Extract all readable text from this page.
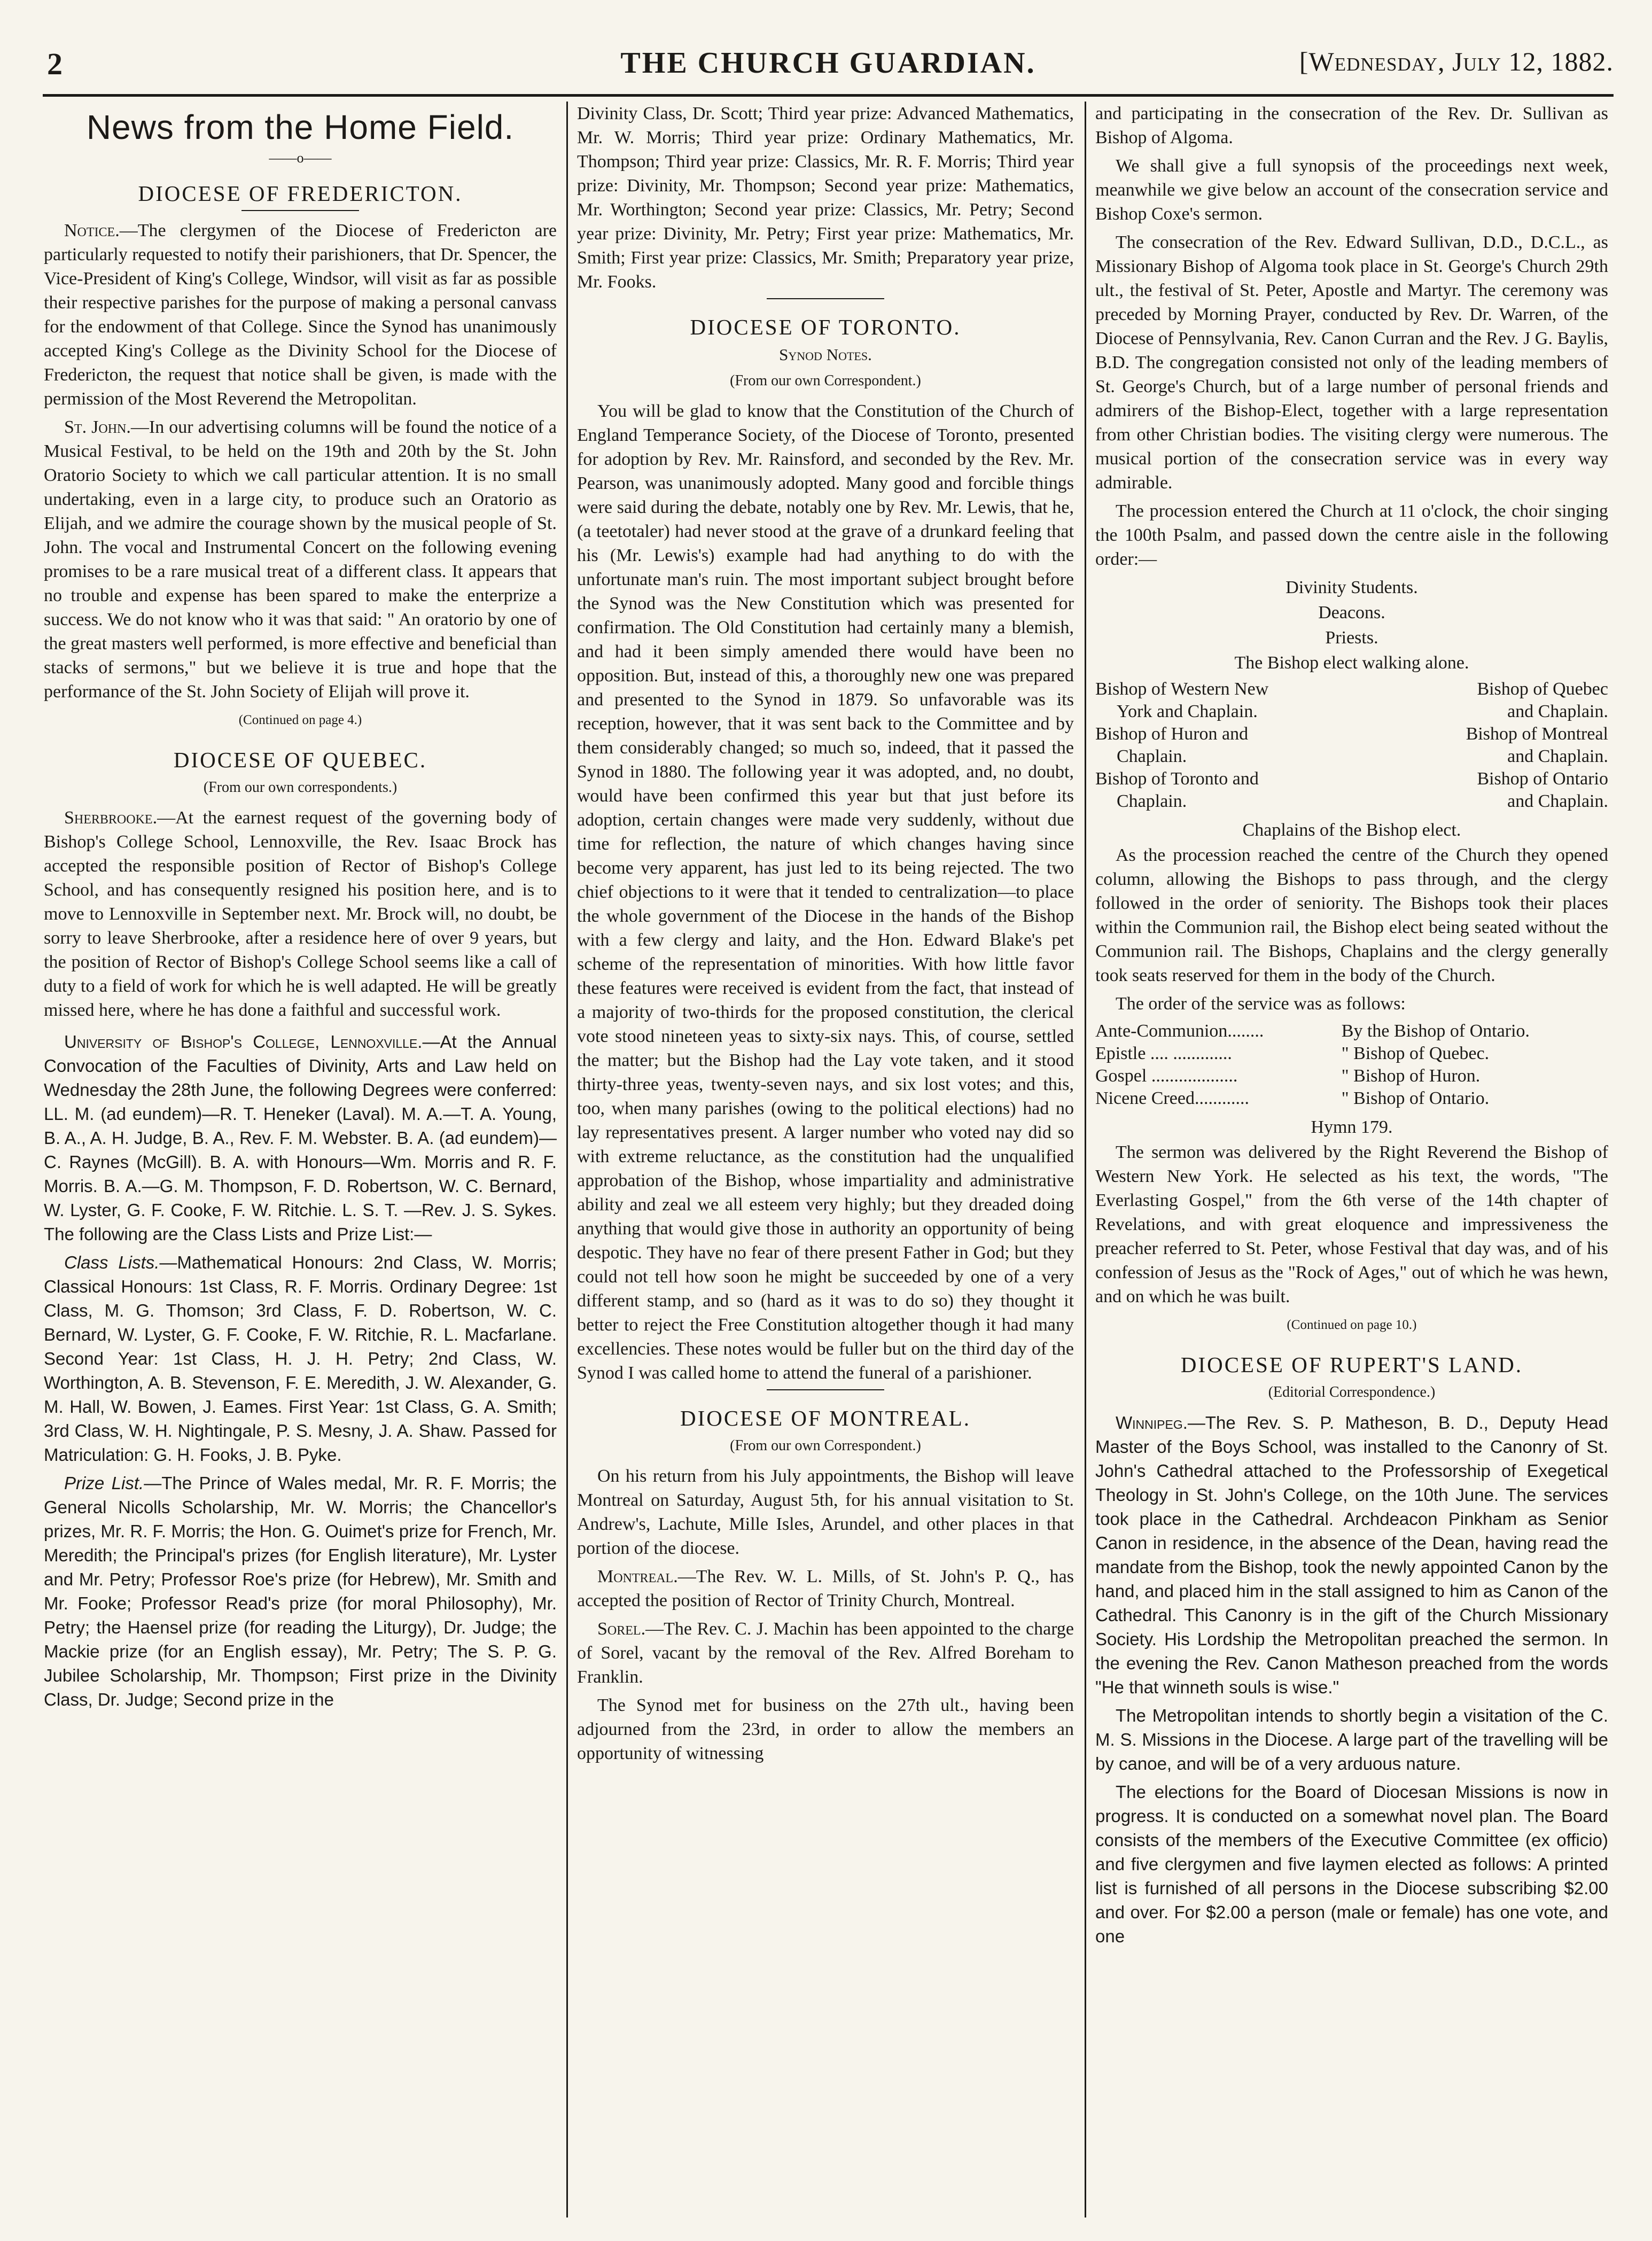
2	THE CHURCH GUARDIAN.	[Wednesday, July 12, 1882.
News from the Home Field.
——o——
DIOCESE OF FREDERICTON.

Notice.—The clergymen of the Diocese of Fredericton are particularly requested to notify their parishioners, that Dr. Spencer, the Vice-President of King's College, Windsor, will visit as far as possible their respective parishes for the purpose of making a personal canvass for the endowment of that College. Since the Synod has unanimously accepted King's College as the Divinity School for the Diocese of Fredericton, the request that notice shall be given, is made with the permission of the Most Reverend the Metropolitan.

St. John.—In our advertising columns will be found the notice of a Musical Festival, to be held on the 19th and 20th by the St. John Oratorio Society to which we call particular attention. It is no small undertaking, even in a large city, to produce such an Oratorio as Elijah, and we admire the courage shown by the musical people of St. John. The vocal and Instrumental Concert on the following evening promises to be a rare musical treat of a different class. It appears that no trouble and expense has been spared to make the enterprize a success. We do not know who it was that said: " An oratorio by one of the great masters well performed, is more effective and beneficial than stacks of sermons," but we believe it is true and hope that the performance of the St. John Society of Elijah will prove it.

(Continued on page 4.)
DIOCESE OF QUEBEC.
(From our own correspondents.)

Sherbrooke.—At the earnest request of the governing body of Bishop's College School, Lennoxville, the Rev. Isaac Brock has accepted the responsible position of Rector of Bishop's College School, and has consequently resigned his position here, and is to move to Lennoxville in September next. Mr. Brock will, no doubt, be sorry to leave Sherbrooke, after a residence here of over 9 years, but the position of Rector of Bishop's College School seems like a call of duty to a field of work for which he is well adapted. He will be greatly missed here, where he has done a faithful and successful work.

University of Bishop's College, Lennoxville.—At the Annual Convocation of the Faculties of Divinity, Arts and Law held on Wednesday the 28th June, the following Degrees were conferred: LL. M. (ad eundem)—R. T. Heneker (Laval). M. A.—T. A. Young, B. A., A. H. Judge, B. A., Rev. F. M. Webster. B. A. (ad eundem)—C. Raynes (McGill). B. A. with Honours—Wm. Morris and R. F. Morris. B. A.—G. M. Thompson, F. D. Robertson, W. C. Bernard, W. Lyster, G. F. Cooke, F. W. Ritchie. L. S. T. —Rev. J. S. Sykes. The following are the Class Lists and Prize List:—

Class Lists.—Mathematical Honours: 2nd Class, W. Morris; Classical Honours: 1st Class, R. F. Morris. Ordinary Degree: 1st Class, M. G. Thomson; 3rd Class, F. D. Robertson, W. C. Bernard, W. Lyster, G. F. Cooke, F. W. Ritchie, R. L. Macfarlane. Second Year: 1st Class, H. J. H. Petry; 2nd Class, W. Worthington, A. B. Stevenson, F. E. Meredith, J. W. Alexander, G. M. Hall, W. Bowen, J. Eames. First Year: 1st Class, G. A. Smith; 3rd Class, W. H. Nightingale, P. S. Mesny, J. A. Shaw. Passed for Matriculation: G. H. Fooks, J. B. Pyke.

Prize List.—The Prince of Wales medal, Mr. R. F. Morris; the General Nicolls Scholarship, Mr. W. Morris; the Chancellor's prizes, Mr. R. F. Morris; the Hon. G. Ouimet's prize for French, Mr. Meredith; the Principal's prizes (for English literature), Mr. Lyster and Mr. Petry; Professor Roe's prize (for Hebrew), Mr. Smith and Mr. Fooke; Professor Read's prize (for moral Philosophy), Mr. Petry; the Haensel prize (for reading the Liturgy), Dr. Judge; the Mackie prize (for an English essay), Mr. Petry; The S. P. G. Jubilee Scholarship, Mr. Thompson; First prize in the Divinity Class, Dr. Judge; Second prize in the

Divinity Class, Dr. Scott; Third year prize: Advanced Mathematics, Mr. W. Morris; Third year prize: Ordinary Mathematics, Mr. Thompson; Third year prize: Classics, Mr. R. F. Morris; Third year prize: Divinity, Mr. Thompson; Second year prize: Mathematics, Mr. Worthington; Second year prize: Classics, Mr. Petry; Second year prize: Divinity, Mr. Petry; First year prize: Mathematics, Mr. Smith; First year prize: Classics, Mr. Smith; Preparatory year prize, Mr. Fooks.

DIOCESE OF TORONTO.
Synod Notes.
(From our own Correspondent.)

You will be glad to know that the Constitution of the Church of England Temperance Society, of the Diocese of Toronto, presented for adoption by Rev. Mr. Rainsford, and seconded by the Rev. Mr. Pearson, was unanimously adopted. Many good and forcible things were said during the debate, notably one by Rev. Mr. Lewis, that he, (a teetotaler) had never stood at the grave of a drunkard feeling that his (Mr. Lewis's) example had had anything to do with the unfortunate man's ruin. The most important subject brought before the Synod was the New Constitution which was presented for confirmation. The Old Constitution had certainly many a blemish, and had it been simply amended there would have been no opposition. But, instead of this, a thoroughly new one was prepared and presented to the Synod in 1879. So unfavorable was its reception, however, that it was sent back to the Committee and by them considerably changed; so much so, indeed, that it passed the Synod in 1880. The following year it was adopted, and, no doubt, would have been confirmed this year but that just before its adoption, certain changes were made very suddenly, without due time for reflection, the nature of which changes having since become very apparent, has just led to its being rejected. The two chief objections to it were that it tended to centralization—to place the whole government of the Diocese in the hands of the Bishop with a few clergy and laity, and the Hon. Edward Blake's pet scheme of the representation of minorities. With how little favor these features were received is evident from the fact, that instead of a majority of two-thirds for the proposed constitution, the clerical vote stood nineteen yeas to sixty-six nays. This, of course, settled the matter; but the Bishop had the Lay vote taken, and it stood thirty-three yeas, twenty-seven nays, and six lost votes; and this, too, when many parishes (owing to the political elections) had no lay representatives present. A larger number who voted nay did so with extreme reluctance, as the constitution had the unqualified approbation of the Bishop, whose impartiality and administrative ability and zeal we all esteem very highly; but they dreaded doing anything that would give those in authority an opportunity of being despotic. They have no fear of there present Father in God; but they could not tell how soon he might be succeeded by one of a very different stamp, and so (hard as it was to do so) they thought it better to reject the Free Constitution altogether though it had many excellencies. These notes would be fuller but on the third day of the Synod I was called home to attend the funeral of a parishioner.

DIOCESE OF MONTREAL.
(From our own Correspondent.)

On his return from his July appointments, the Bishop will leave Montreal on Saturday, August 5th, for his annual visitation to St. Andrew's, Lachute, Mille Isles, Arundel, and other places in that portion of the diocese.

Montreal.—The Rev. W. L. Mills, of St. John's P. Q., has accepted the position of Rector of Trinity Church, Montreal.

Sorel.—The Rev. C. J. Machin has been appointed to the charge of Sorel, vacant by the removal of the Rev. Alfred Boreham to Franklin.

The Synod met for business on the 27th ult., having been adjourned from the 23rd, in order to allow the members an opportunity of witnessing

and participating in the consecration of the Rev. Dr. Sullivan as Bishop of Algoma.

We shall give a full synopsis of the proceedings next week, meanwhile we give below an account of the consecration service and Bishop Coxe's sermon.

The consecration of the Rev. Edward Sullivan, D.D., D.C.L., as Missionary Bishop of Algoma took place in St. George's Church 29th ult., the festival of St. Peter, Apostle and Martyr. The ceremony was preceded by Morning Prayer, conducted by Rev. Dr. Warren, of the Diocese of Pennsylvania, Rev. Canon Curran and the Rev. J G. Baylis, B.D. The congregation consisted not only of the leading members of St. George's Church, but of a large number of personal friends and admirers of the Bishop-Elect, together with a large representation from other Christian bodies. The visiting clergy were numerous. The musical portion of the consecration service was in every way admirable.

The procession entered the Church at 11 o'clock, the choir singing the 100th Psalm, and passed down the centre aisle in the following order:—

Divinity Students.

Deacons.

Priests.

The Bishop elect walking alone.

Bishop of Western New	Bishop of Quebec
York and Chaplain.	and Chaplain.
Bishop of Huron and	Bishop of Montreal
Chaplain.	and Chaplain.
Bishop of Toronto and	Bishop of Ontario
Chaplain.	and Chaplain.

Chaplains of the Bishop elect.

As the procession reached the centre of the Church they opened column, allowing the Bishops to pass through, and the clergy followed in the order of seniority. The Bishops took their places within the Communion rail, the Bishop elect being seated without the Communion rail. The Bishops, Chaplains and the clergy generally took seats reserved for them in the body of the Church.

The order of the service was as follows:

Ante-Communion........	By the Bishop of Ontario.
Epistle .... .............	" Bishop of Quebec.
Gospel ...................	" Bishop of Huron.
Nicene Creed............	" Bishop of Ontario.

Hymn 179.

The sermon was delivered by the Right Reverend the Bishop of Western New York. He selected as his text, the words, "The Everlasting Gospel," from the 6th verse of the 14th chapter of Revelations, and with great eloquence and impressiveness the preacher referred to St. Peter, whose Festival that day was, and of his confession of Jesus as the "Rock of Ages," out of which he was hewn, and on which he was built.

(Continued on page 10.)
DIOCESE OF RUPERT'S LAND.
(Editorial Correspondence.)

Winnipeg.—The Rev. S. P. Matheson, B. D., Deputy Head Master of the Boys School, was installed to the Canonry of St. John's Cathedral attached to the Professorship of Exegetical Theology in St. John's College, on the 10th June. The services took place in the Cathedral. Archdeacon Pinkham as Senior Canon in residence, in the absence of the Dean, having read the mandate from the Bishop, took the newly appointed Canon by the hand, and placed him in the stall assigned to him as Canon of the Cathedral. This Canonry is in the gift of the Church Missionary Society. His Lordship the Metropolitan preached the sermon. In the evening the Rev. Canon Matheson preached from the words "He that winneth souls is wise."

The Metropolitan intends to shortly begin a visitation of the C. M. S. Missions in the Diocese. A large part of the travelling will be by canoe, and will be of a very arduous nature.

The elections for the Board of Diocesan Missions is now in progress. It is conducted on a somewhat novel plan. The Board consists of the members of the Executive Committee (ex officio) and five clergymen and five laymen elected as follows: A printed list is furnished of all persons in the Diocese subscribing $2.00 and over. For $2.00 a person (male or female) has one vote, and one
